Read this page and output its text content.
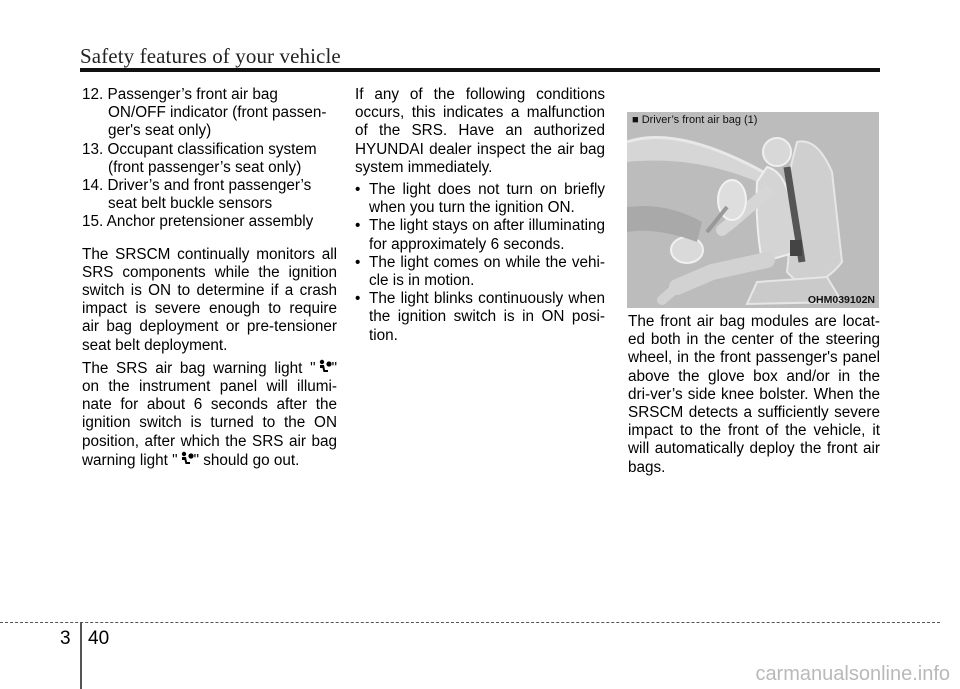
Safety features of your vehicle

12. Passenger’s front air bag ON/OFF indicator (front passen-ger's seat only)

13. Occupant classification system (front passenger’s seat only)

14. Driver’s and front passenger’s seat belt buckle sensors

15. Anchor pretensioner assembly

The SRSCM continually monitors all SRS components while the ignition switch is ON to determine if a crash impact is severe enough to require air bag deployment or pre-tensioner seat belt deployment.

The SRS air bag warning light " " on the instrument panel will illumi-nate for about 6 seconds after the ignition switch is turned to the ON position, after which the SRS air bag warning light " " should go out.

If any of the following conditions occurs, this indicates a malfunction of the SRS. Have an authorized HYUNDAI dealer inspect the air bag system immediately.

• The light does not turn on briefly when you turn the ignition ON.

• The light stays on after illuminating for approximately 6 seconds.

• The light comes on while the vehi-cle is in motion.

• The light blinks continuously when the ignition switch is in ON posi-tion.

■ Driver’s front air bag (1)
OHM039102N

The front air bag modules are locat-ed both in the center of the steering wheel, in the front passenger's panel above the glove box and/or in the dri-ver’s side knee bolster. When the SRSCM detects a sufficiently severe impact to the front of the vehicle, it will automatically deploy the front air bags.

3 40
carmanualsonline.info
